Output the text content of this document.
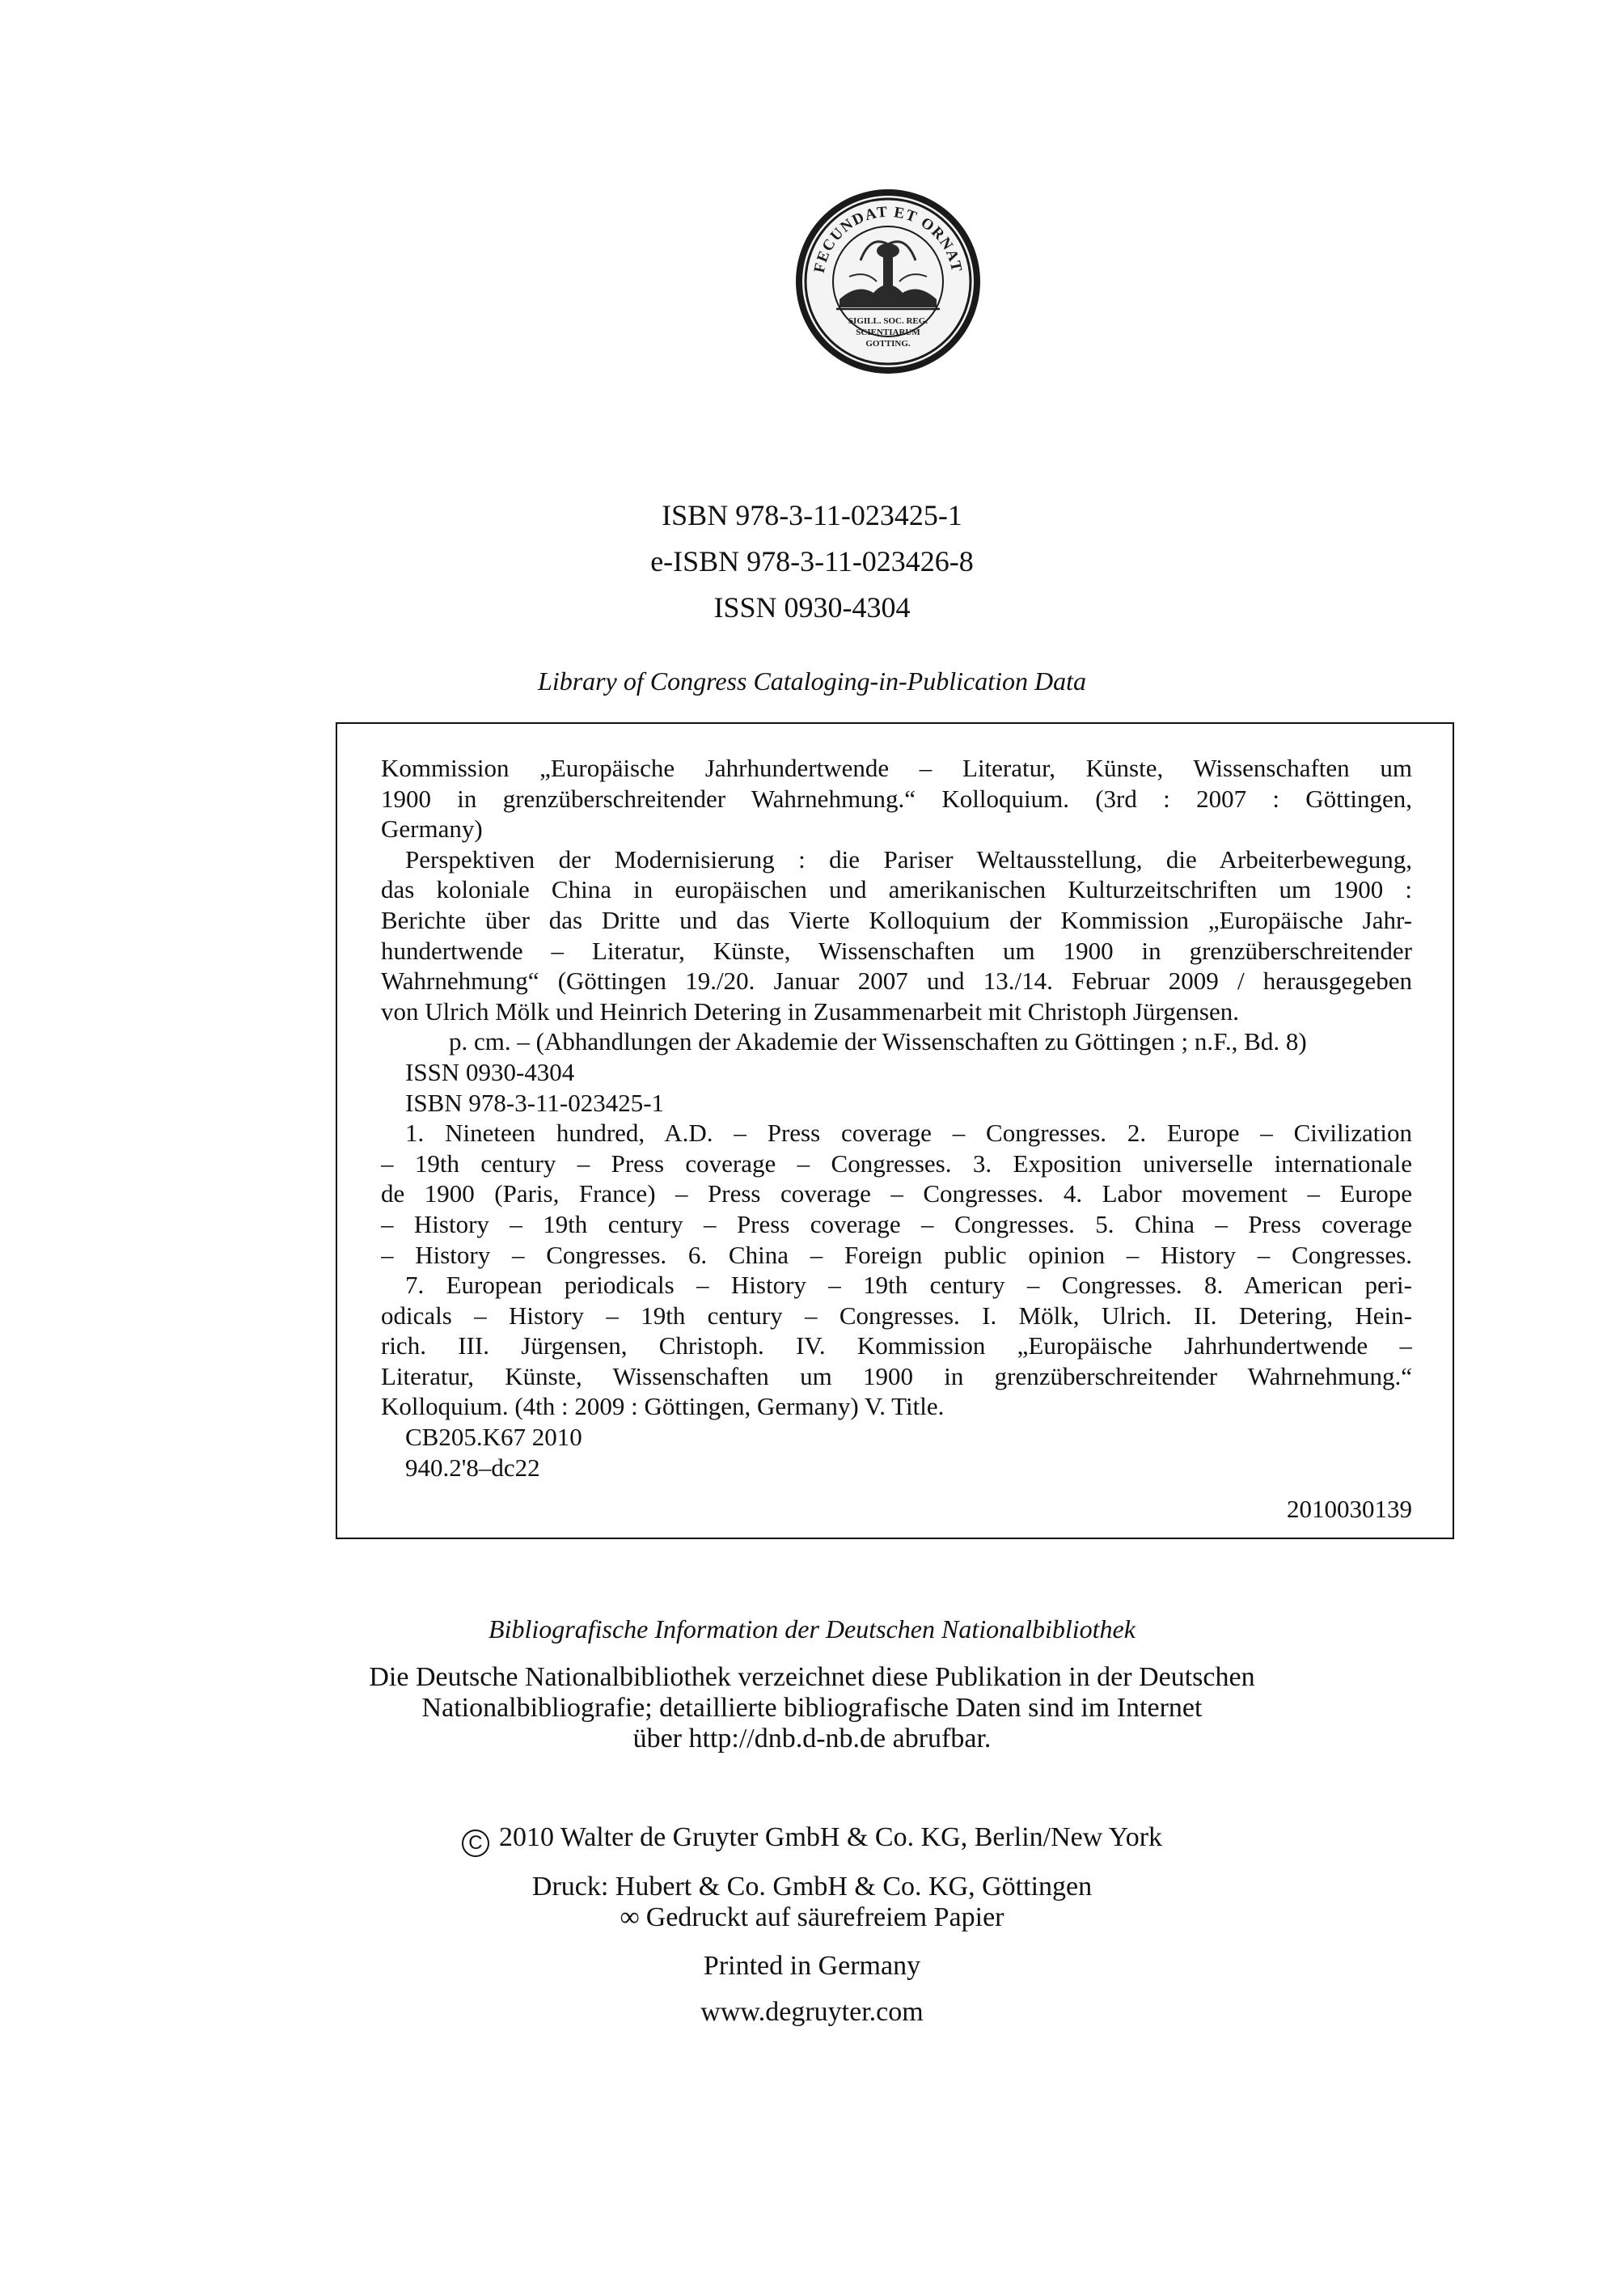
FECUNDAT ET ORNAT
SIGILL. SOC. REG.
SCIENTIARUM
GOTTING.
ISBN 978-3-11-023425-1
e-ISBN 978-3-11-023426-8
ISSN 0930-4304
Library of Congress Cataloging-in-Publication Data
Kommission „Europäische Jahrhundertwende – Literatur, Künste, Wissenschaften um
1900 in grenzüberschreitender Wahrnehmung.“ Kolloquium. (3rd : 2007 : Göttingen,
Germany)
Perspektiven der Modernisierung : die Pariser Weltausstellung, die Arbeiterbewegung,
das koloniale China in europäischen und amerikanischen Kulturzeitschriften um 1900 :
Berichte über das Dritte und das Vierte Kolloquium der Kommission „Europäische Jahr-
hundertwende – Literatur, Künste, Wissenschaften um 1900 in grenzüberschreitender
Wahrnehmung“ (Göttingen 19./20. Januar 2007 und 13./14. Februar 2009 / herausgegeben
von Ulrich Mölk und Heinrich Detering in Zusammenarbeit mit Christoph Jürgensen.
p. cm. – (Abhandlungen der Akademie der Wissenschaften zu Göttingen ; n.F., Bd. 8)
ISSN 0930-4304
ISBN 978-3-11-023425-1
1. Nineteen hundred, A.D. – Press coverage – Congresses. 2. Europe – Civilization
– 19th century – Press coverage – Congresses. 3. Exposition universelle internationale
de 1900 (Paris, France) – Press coverage – Congresses. 4. Labor movement – Europe
– History – 19th century – Press coverage – Congresses. 5. China – Press coverage
– History – Congresses. 6. China – Foreign public opinion – History – Congresses.
7. European periodicals – History – 19th century – Congresses. 8. American peri-
odicals – History – 19th century – Congresses. I. Mölk, Ulrich. II. Detering, Hein-
rich. III. Jürgensen, Christoph. IV. Kommission „Europäische Jahrhundertwende –
Literatur, Künste, Wissenschaften um 1900 in grenzüberschreitender Wahrnehmung.“
Kolloquium. (4th : 2009 : Göttingen, Germany) V. Title.
CB205.K67 2010
940.2'8–dc22
2010030139
Bibliografische Information der Deutschen Nationalbibliothek
Die Deutsche Nationalbibliothek verzeichnet diese Publikation in der Deutschen
Nationalbibliografie; detaillierte bibliografische Daten sind im Internet
über http://dnb.d-nb.de abrufbar.
C 2010 Walter de Gruyter GmbH & Co. KG, Berlin/New York
Druck: Hubert & Co. GmbH & Co. KG, Göttingen
∞ Gedruckt auf säurefreiem Papier
Printed in Germany
www.degruyter.com
